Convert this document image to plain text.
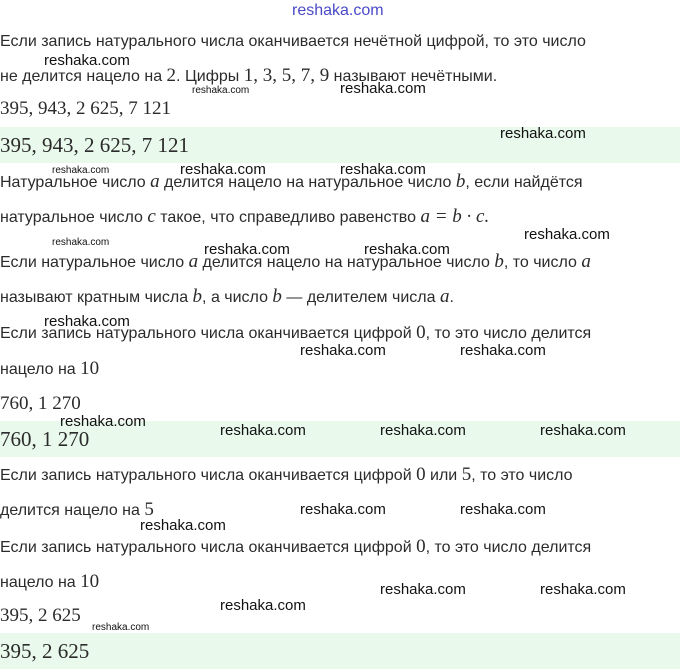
Если запись натурального числа оканчивается нечётной цифрой, то это число
не делится нацело на 2. Цифры 1, 3, 5, 7, 9 называют нечётными.
395, 943, 2 625, 7 121
395, 943, 2 625, 7 121
Натуральное число a делится нацело на натуральное число b, если найдётся
натуральное число c такое, что справедливо равенство a = b · c.
Если натуральное число a делится нацело на натуральное число b, то число a
называют кратным числа b, а число b — делителем числа a.
Если запись натурального числа оканчивается цифрой 0, то это число делится
нацело на 10
760, 1 270
760, 1 270
Если запись натурального числа оканчивается цифрой 0 или 5, то это число
делится нацело на 5
Если запись натурального числа оканчивается цифрой 0, то это число делится
нацело на 10
395, 2 625
395, 2 625
reshaka.com
reshaka.com
reshaka.com	reshaka.com
reshaka.com
reshaka.com	reshaka.com	reshaka.com
reshaka.com
reshaka.com	reshaka.com	reshaka.com
reshaka.com
reshaka.com	reshaka.com
reshaka.com
reshaka.com	reshaka.com	reshaka.com
reshaka.com	reshaka.com
reshaka.com
reshaka.com	reshaka.com
reshaka.com
reshaka.com
